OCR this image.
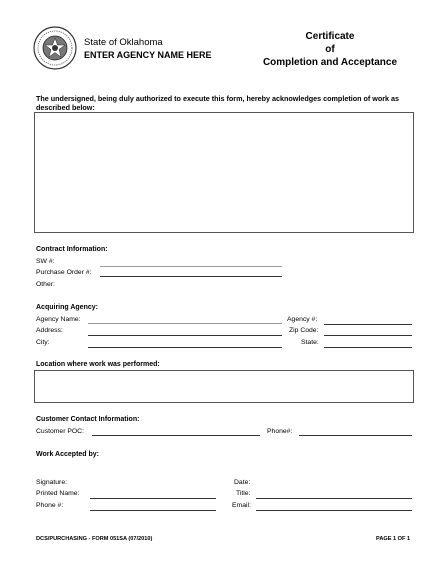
State of Oklahoma
ENTER AGENCY NAME HERE
Certificate
of
Completion and Acceptance
The undersigned, being duly authorized to execute this form, hereby acknowledges completion of work as described below:
Contract Information:
SW #:
Purchase Order #:
Other:
Acquiring Agency:
Agency Name:
Address:
City:
Agency #:
Zip Code:
State:
Location where work was performed:
Customer Contact Information:
Customer POC:	Phone#:
Work Accepted by:
Signature:
Printed Name:
Phone #:
Date:
Title:
Email:
DCS/PURCHASING - FORM 051SA (07/2010)	PAGE 1 OF 1
